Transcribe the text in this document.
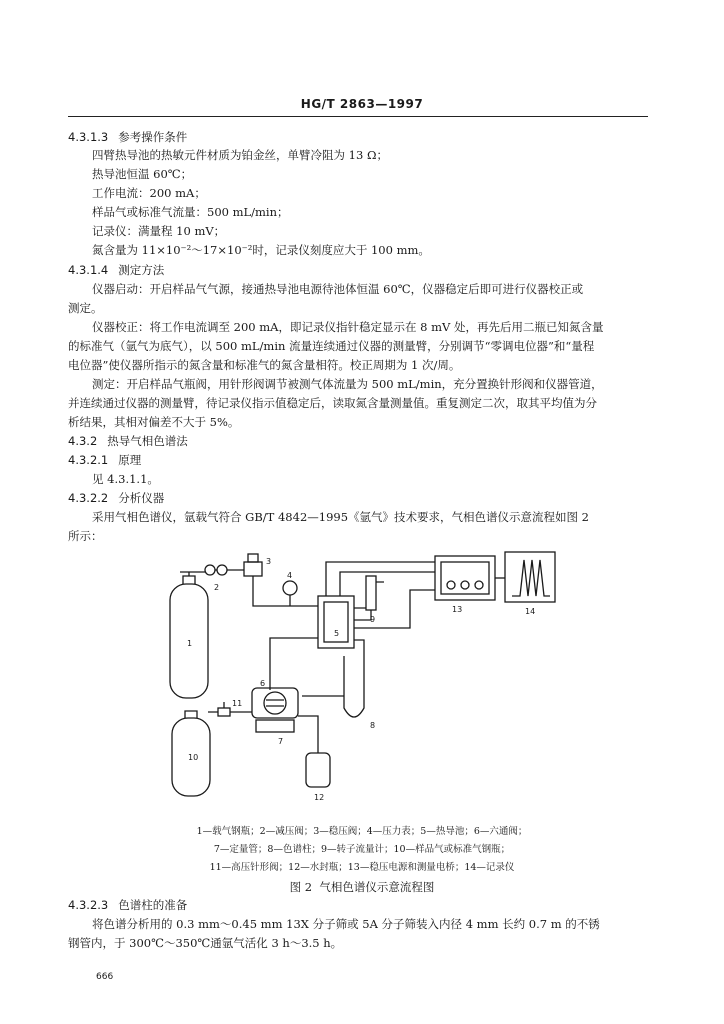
HG/T 2863—1997
4.3.1.3 参考操作条件
四臂热导池的热敏元件材质为铂金丝，单臂冷阻为 13 Ω；
热导池恒温 60℃；
工作电流：200 mA；
样品气或标准气流量：500 mL/min；
记录仪：满量程 10 mV；
氮含量为 11×10⁻²～17×10⁻²时，记录仪刻度应大于 100 mm。
4.3.1.4 测定方法
仪器启动：开启样品气气源，接通热导池电源待池体恒温 60℃，仪器稳定后即可进行仪器校正或
测定。
仪器校正：将工作电流调至 200 mA，即记录仪指针稳定显示在 8 mV 处，再先后用二瓶已知氮含量
的标准气（氩气为底气），以 500 mL/min 流量连续通过仪器的测量臂，分别调节“零调电位器”和“量程
电位器”使仪器所指示的氮含量和标准气的氮含量相符。校正周期为 1 次/周。
测定：开启样品气瓶阀，用针形阀调节被测气体流量为 500 mL/min，充分置换针形阀和仪器管道，
并连续通过仪器的测量臂，待记录仪指示值稳定后，读取氮含量测量值。重复测定二次，取其平均值为分
析结果，其相对偏差不大于 5%。
4.3.2 热导气相色谱法
4.3.2.1 原理
见 4.3.1.1。
4.3.2.2 分析仪器
采用气相色谱仪，氩载气符合 GB/T 4842—1995《氩气》技术要求，气相色谱仪示意流程如图 2
所示：
1
2
3
4
5
6
7
8
9
10
11
12
13	14
1—载气钢瓶；2—减压阀；3—稳压阀；4—压力表；5—热导池；6—六通阀；
7—定量管；8—色谱柱；9—转子流量计；10—样品气或标准气钢瓶；
11—高压针形阀；12—水封瓶；13—稳压电源和测量电桥；14—记录仪
图 2 气相色谱仪示意流程图
4.3.2.3 色谱柱的准备
将色谱分析用的 0.3 mm～0.45 mm 13X 分子筛或 5A 分子筛装入内径 4 mm 长约 0.7 m 的不锈
钢管内，于 300℃～350℃通氩气活化 3 h～3.5 h。
666
